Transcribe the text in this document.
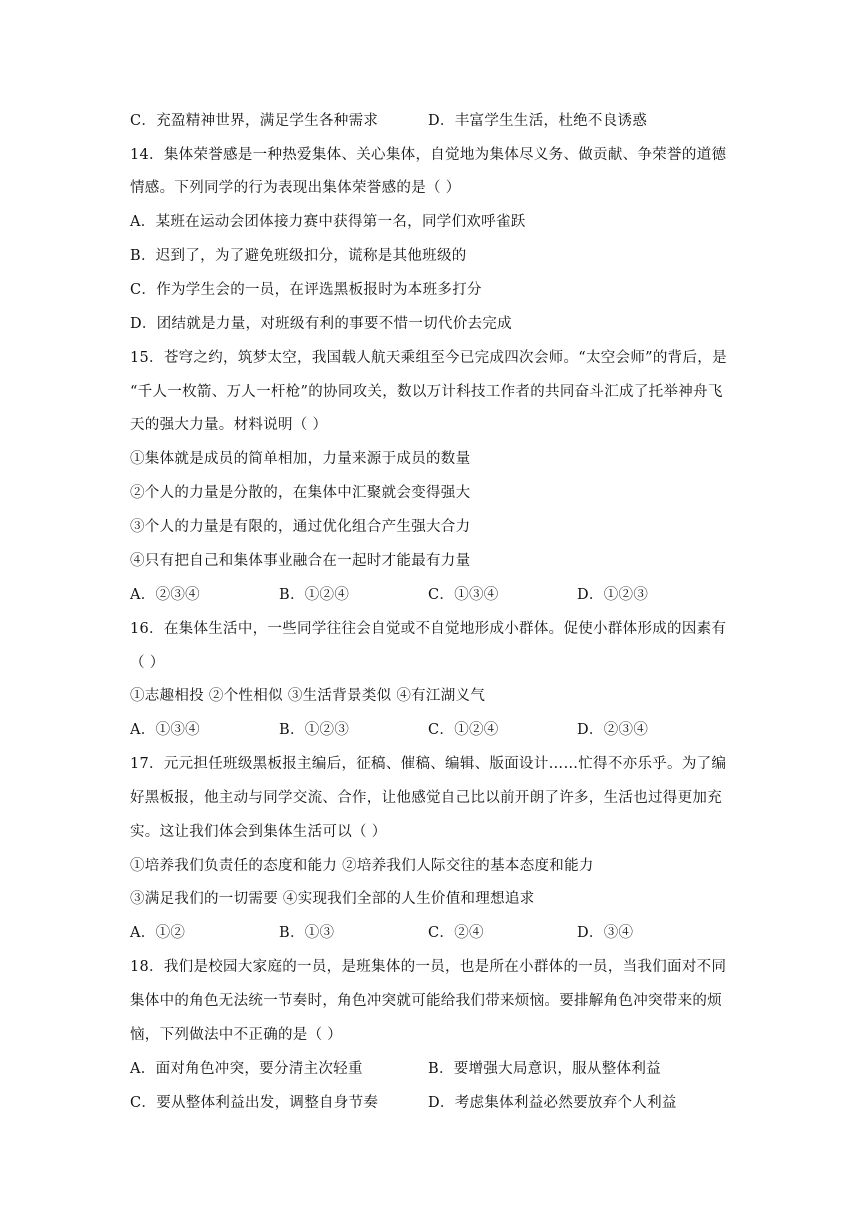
C．充盈精神世界，满足学生各种需求	D．丰富学生生活，杜绝不良诱惑
14．集体荣誉感是一种热爱集体、关心集体，自觉地为集体尽义务、做贡献、争荣誉的道德
情感。下列同学的行为表现出集体荣誉感的是（ ）
A．某班在运动会团体接力赛中获得第一名，同学们欢呼雀跃
B．迟到了，为了避免班级扣分，谎称是其他班级的
C．作为学生会的一员，在评选黑板报时为本班多打分
D．团结就是力量，对班级有利的事要不惜一切代价去完成
15．苍穹之约，筑梦太空，我国载人航天乘组至今已完成四次会师。“太空会师”的背后，是
“千人一枚箭、万人一杆枪”的协同攻关，数以万计科技工作者的共同奋斗汇成了托举神舟飞
天的强大力量。材料说明（ ）
①集体就是成员的简单相加，力量来源于成员的数量
②个人的力量是分散的，在集体中汇聚就会变得强大
③个人的力量是有限的，通过优化组合产生强大合力
④只有把自己和集体事业融合在一起时才能最有力量
A．②③④	B．①②④	C．①③④	D．①②③
16．在集体生活中，一些同学往往会自觉或不自觉地形成小群体。促使小群体形成的因素有
（ ）
①志趣相投 ②个性相似 ③生活背景类似 ④有江湖义气
A．①③④	B．①②③	C．①②④	D．②③④
17．元元担任班级黑板报主编后，征稿、催稿、编辑、版面设计……忙得不亦乐乎。为了编
好黑板报，他主动与同学交流、合作，让他感觉自己比以前开朗了许多，生活也过得更加充
实。这让我们体会到集体生活可以（ ）
①培养我们负责任的态度和能力 ②培养我们人际交往的基本态度和能力
③满足我们的一切需要 ④实现我们全部的人生价值和理想追求
A．①②	B．①③	C．②④	D．③④
18．我们是校园大家庭的一员，是班集体的一员，也是所在小群体的一员，当我们面对不同
集体中的角色无法统一节奏时，角色冲突就可能给我们带来烦恼。要排解角色冲突带来的烦
恼，下列做法中不正确的是（ ）
A．面对角色冲突，要分清主次轻重	B．要增强大局意识，服从整体利益
C．要从整体利益出发，调整自身节奏	D．考虑集体利益必然要放弃个人利益
